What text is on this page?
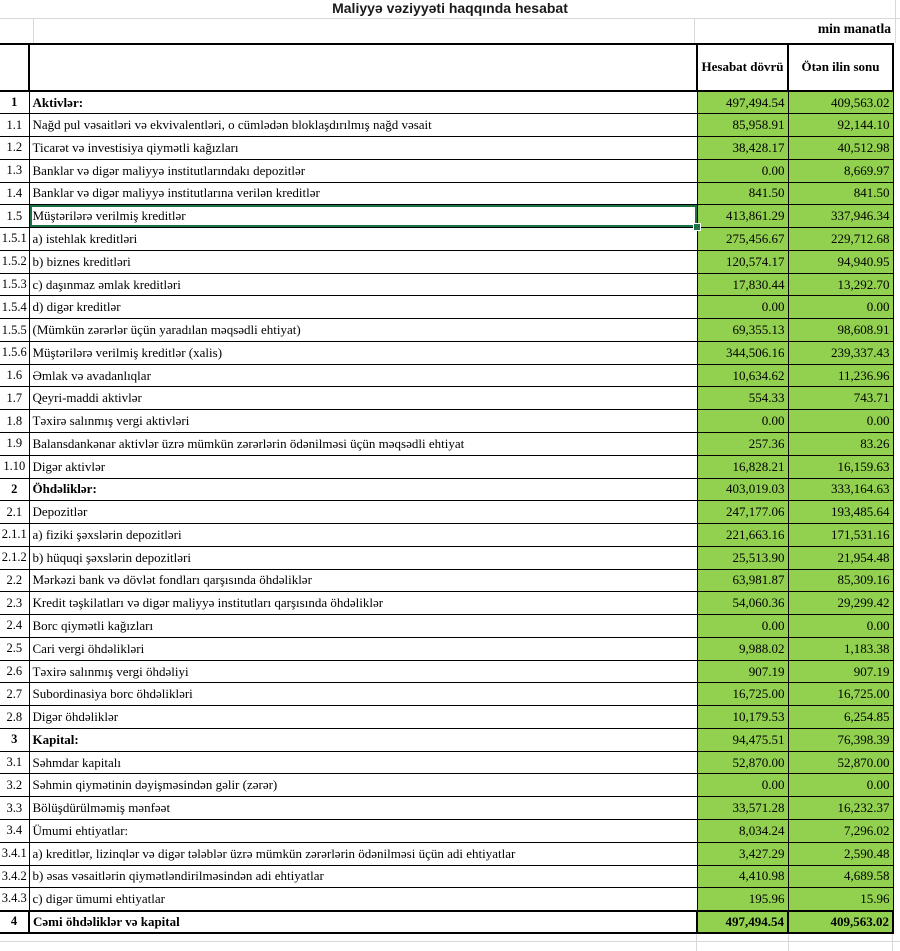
Maliyyə vəziyyəti haqqında hesabat
min manatla
		Hesabat dövrü	Ötən ilin sonu
1	Aktivlər:	497,494.54	409,563.02
1.1	Nağd pul vəsaitləri və ekvivalentləri, o cümlədən bloklaşdırılmış nağd vəsait	85,958.91	92,144.10
1.2	Ticarət və investisiya qiymətli kağızları	38,428.17	40,512.98
1.3	Banklar və digər maliyyə institutlarındakı depozitlər	0.00	8,669.97
1.4	Banklar və digər maliyyə institutlarına verilən kreditlər	841.50	841.50
1.5	Müştərilərə verilmiş kreditlər	413,861.29	337,946.34
1.5.1	a) istehlak kreditləri	275,456.67	229,712.68
1.5.2	b) biznes kreditləri	120,574.17	94,940.95
1.5.3	c) daşınmaz əmlak kreditləri	17,830.44	13,292.70
1.5.4	d) digər kreditlər	0.00	0.00
1.5.5	(Mümkün zərərlər üçün yaradılan məqsədli ehtiyat)	69,355.13	98,608.91
1.5.6	Müştərilərə verilmiş kreditlər (xalis)	344,506.16	239,337.43
1.6	Əmlak və avadanlıqlar	10,634.62	11,236.96
1.7	Qeyri-maddi aktivlər	554.33	743.71
1.8	Təxirə salınmış vergi aktivləri	0.00	0.00
1.9	Balansdankənar aktivlər üzrə mümkün zərərlərin ödənilməsi üçün məqsədli ehtiyat	257.36	83.26
1.10	Digər aktivlər	16,828.21	16,159.63
2	Öhdəliklər:	403,019.03	333,164.63
2.1	Depozitlər	247,177.06	193,485.64
2.1.1	a) fiziki şəxslərin depozitləri	221,663.16	171,531.16
2.1.2	b) hüquqi şəxslərin depozitləri	25,513.90	21,954.48
2.2	Mərkəzi bank və dövlət fondları qarşısında öhdəliklər	63,981.87	85,309.16
2.3	Kredit təşkilatları və digər maliyyə institutları qarşısında öhdəliklər	54,060.36	29,299.42
2.4	Borc qiymətli kağızları	0.00	0.00
2.5	Cari vergi öhdəlikləri	9,988.02	1,183.38
2.6	Təxirə salınmış vergi öhdəliyi	907.19	907.19
2.7	Subordinasiya borc öhdəlikləri	16,725.00	16,725.00
2.8	Digər öhdəliklər	10,179.53	6,254.85
3	Kapital:	94,475.51	76,398.39
3.1	Səhmdar kapitalı	52,870.00	52,870.00
3.2	Səhmin qiymətinin dəyişməsindən gəlir (zərər)	0.00	0.00
3.3	Bölüşdürülməmiş mənfəət	33,571.28	16,232.37
3.4	Ümumi ehtiyatlar:	8,034.24	7,296.02
3.4.1	a) kreditlər, lizinqlər və digər tələblər üzrə mümkün zərərlərin ödənilməsi üçün adi ehtiyatlar	3,427.29	2,590.48
3.4.2	b) əsas vəsaitlərin qiymətləndirilməsindən adi ehtiyatlar	4,410.98	4,689.58
3.4.3	c) digər ümumi ehtiyatlar	195.96	15.96
4	Cəmi öhdəliklər və kapital	497,494.54	409,563.02
